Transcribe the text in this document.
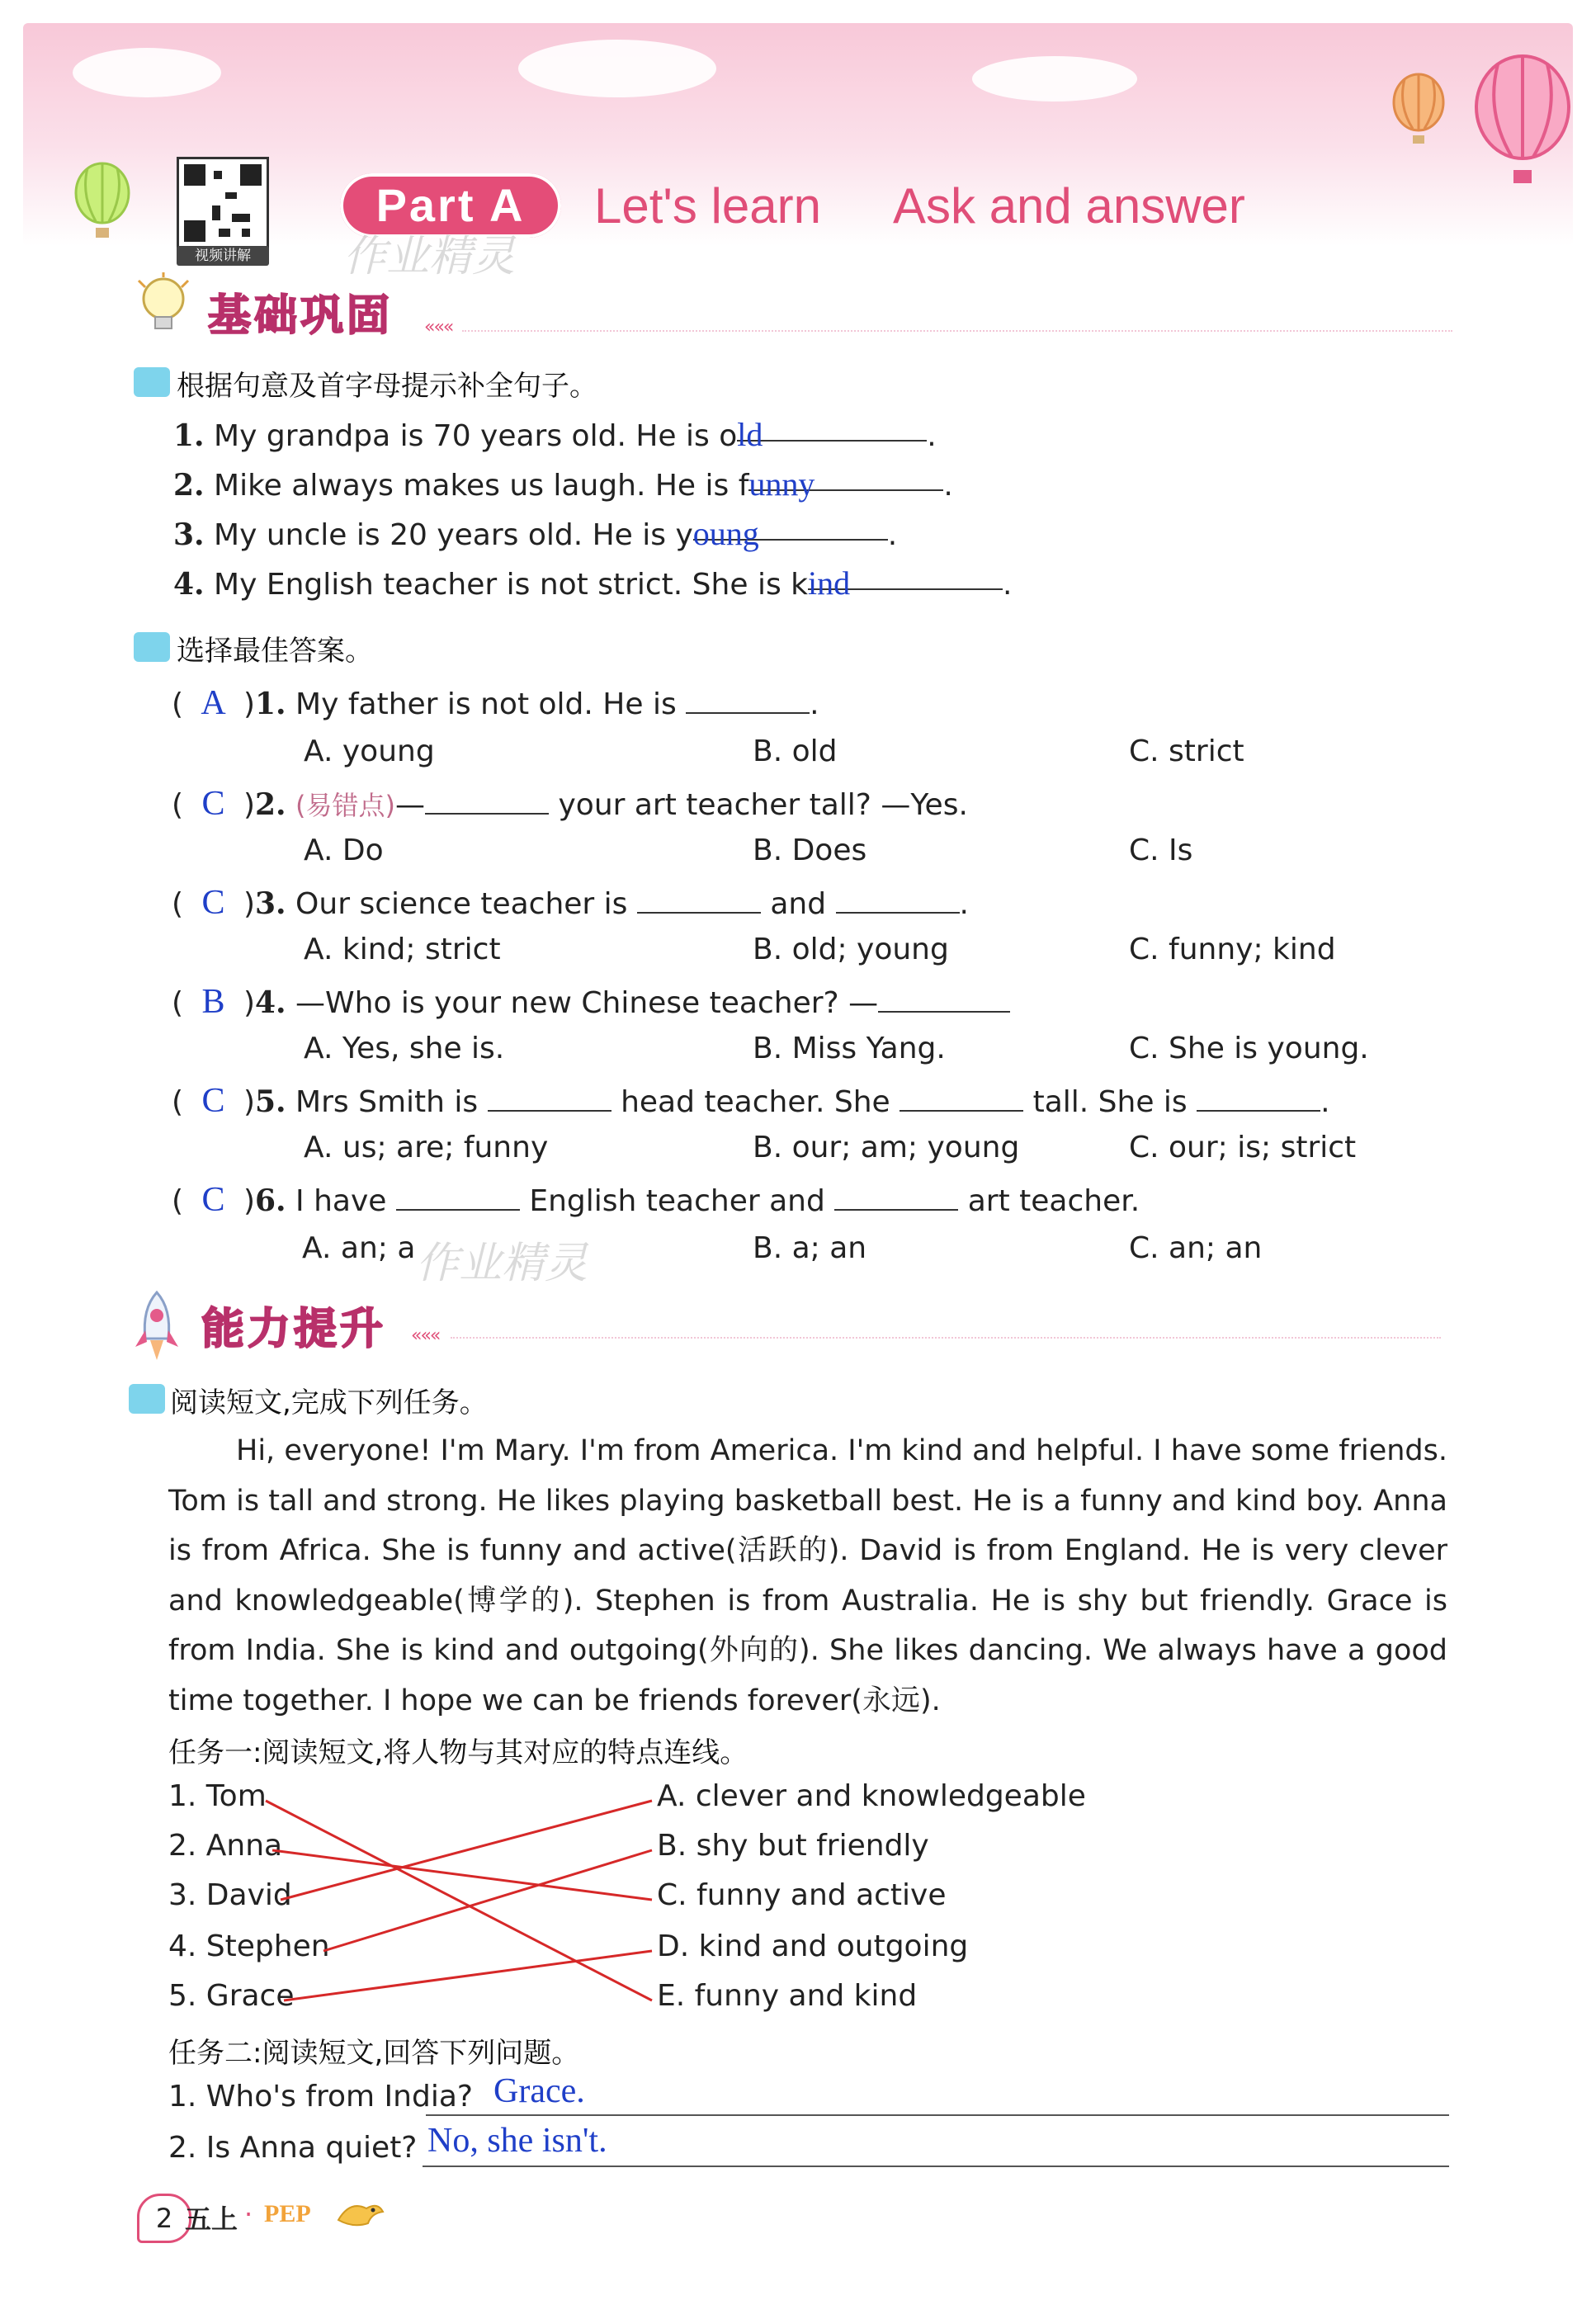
视频讲解
Part A	Let's learn Ask and answer
作业精灵
基础巩固 «««
根据句意及首字母提示补全句子。
1. My grandpa is 70 years old. He is old	.
2. Mike always makes us laugh. He is funny	.
3. My uncle is 20 years old. He is young	.
4. My English teacher is not strict. She is kind	.
选择最佳答案。
( A )1. My father is not old. He is	.
A. young	B. old	C. strict
( C )2. (易错点)—	your art teacher tall? —Yes.
A. Do	B. Does	C. Is
( C )3. Our science teacher is	and	.
A. kind; strict	B. old; young	C. funny; kind
( B )4. —Who is your new Chinese teacher? —
A. Yes, she is.	B. Miss Yang.	C. She is young.
( C )5. Mrs Smith is	head teacher. She	tall. She is	.
A. us; are; funny	B. our; am; young	C. our; is; strict
( C )6. I have	English teacher and	art teacher.
A. an; a	B. a; an	C. an; an
作业精灵
能力提升 «««
阅读短文,完成下列任务。

Hi, everyone! I'm Mary. I'm from America. I'm kind and helpful. I have some friends. Tom is tall and strong. He likes playing basketball best. He is a funny and kind boy. Anna is from Africa. She is funny and active(活跃的). David is from England. He is very clever and knowledgeable(博学的). Stephen is from Australia. He is shy but friendly. Grace is from India. She is kind and outgoing(外向的). She likes dancing. We always have a good time together. I hope we can be friends forever(永远).

任务一:阅读短文,将人物与其对应的特点连线。
1. Tom
2. Anna
3. David
4. Stephen
5. Grace
A. clever and knowledgeable
B. shy but friendly
C. funny and active
D. kind and outgoing
E. funny and kind
任务二:阅读短文,回答下列问题。
1. Who's from India? Grace.
2. Is Anna quiet? No, she isn't.
2 五上 · PEP
